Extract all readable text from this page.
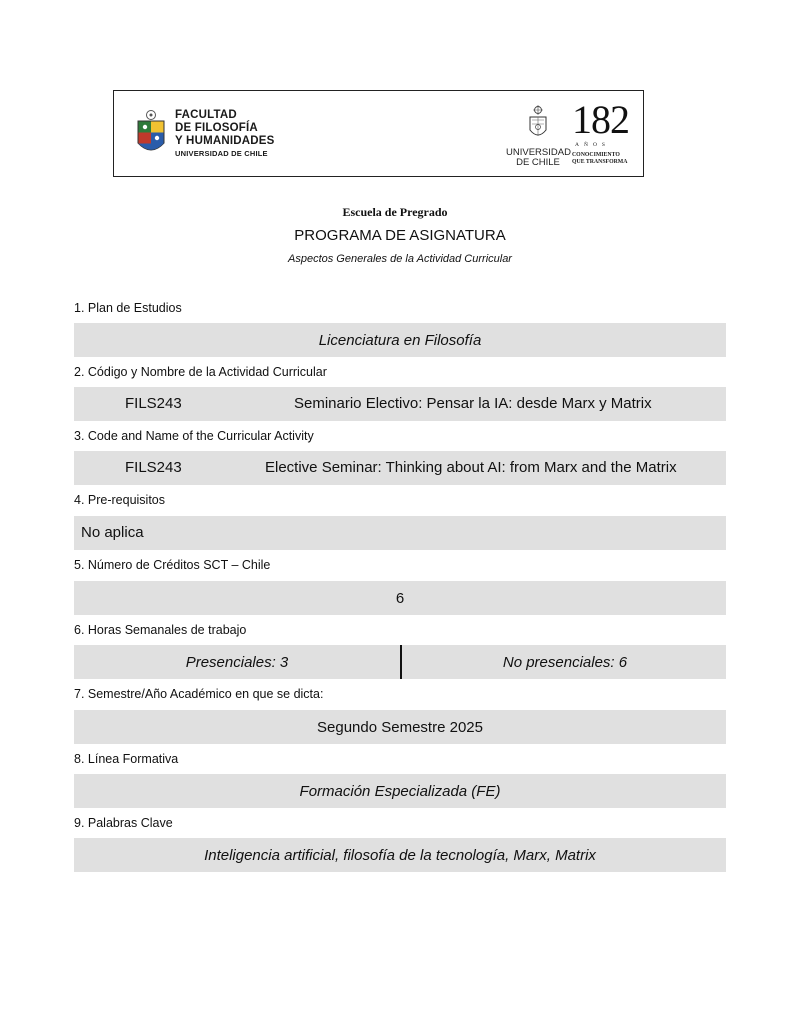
FACULTAD
DE FILOSOFÍA
Y HUMANIDADES
UNIVERSIDAD DE CHILE	UNIVERSIDAD
DE CHILE
182
AÑOS
CONOCIMIENTO
QUE TRANSFORMA
Escuela de Pregrado
PROGRAMA DE ASIGNATURA
Aspectos Generales de la Actividad Curricular
1. Plan de Estudios
Licenciatura en Filosofía
2. Código y Nombre de la Actividad Curricular
FILS243	Seminario Electivo: Pensar la IA: desde Marx y Matrix
3. Code and Name of the Curricular Activity
FILS243	Elective Seminar: Thinking about AI: from Marx and the Matrix
4. Pre-requisitos
No aplica
5. Número de Créditos SCT – Chile
6
6. Horas Semanales de trabajo
Presenciales: 3	No presenciales: 6
7. Semestre/Año Académico en que se dicta:
Segundo Semestre 2025
8. Línea Formativa
Formación Especializada (FE)
9. Palabras Clave
Inteligencia artificial, filosofía de la tecnología, Marx, Matrix
